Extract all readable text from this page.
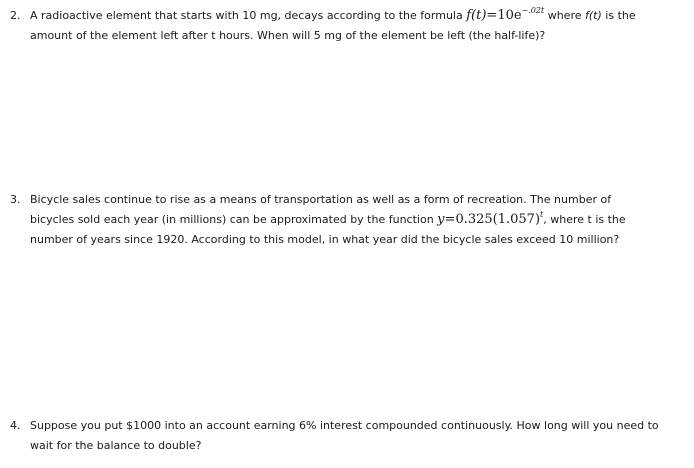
2. A radioactive element that starts with 10 mg, decays according to the formula $f(t)=10e^{-.02t}$ where f(t) is the
amount of the element left after t hours. When will 5 mg of the element be left (the half-life)?
3. Bicycle sales continue to rise as a means of transportation as well as a form of recreation. The number of
bicycles sold each year (in millions) can be approximated by the function $y=0.325(1.057)^t$, where t is the
number of years since 1920. According to this model, in what year did the bicycle sales exceed 10 million?
4. Suppose you put $1000 into an account earning 6% interest compounded continuously. How long will you need to
wait for the balance to double?
